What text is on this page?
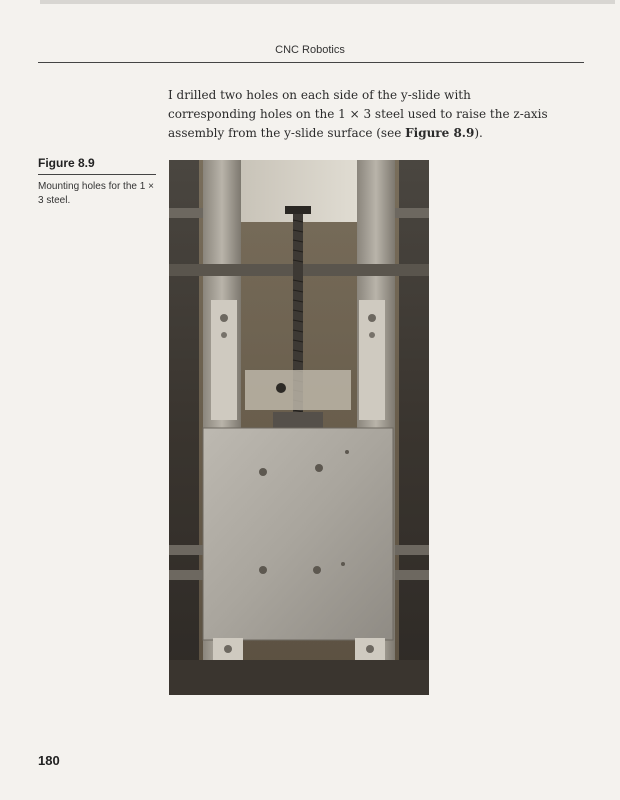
CNC Robotics

I drilled two holes on each side of the y-slide with corresponding holes on the 1 × 3 steel used to raise the z-axis assembly from the y-slide surface (see Figure 8.9).

Figure 8.9
Mounting holes for the 1 × 3 steel.
180
